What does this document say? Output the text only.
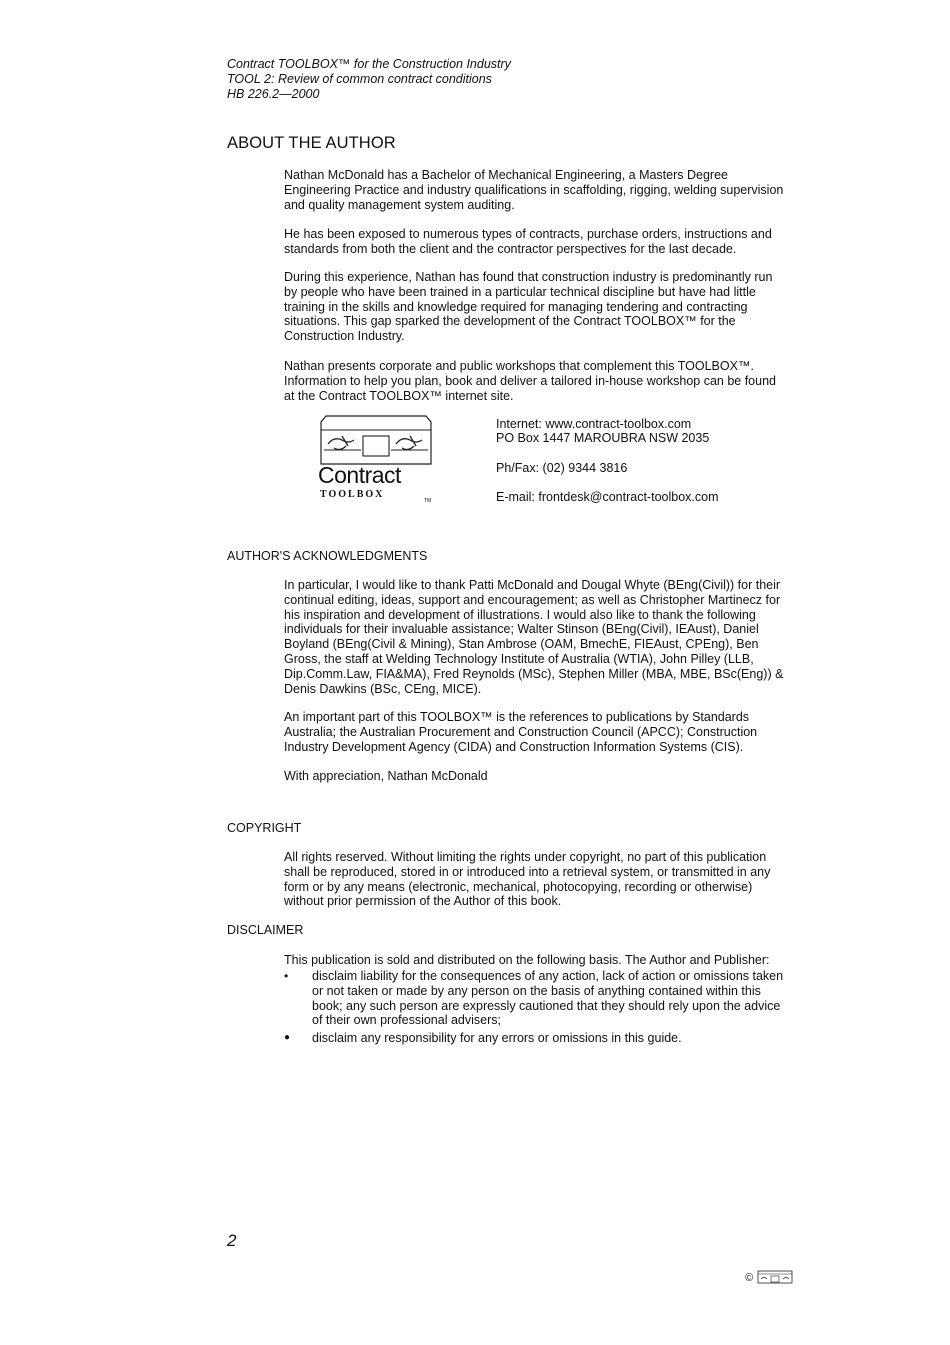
Contract TOOLBOX™ for the Construction Industry
TOOL 2: Review of common contract conditions
HB 226.2—2000
ABOUT THE AUTHOR
Nathan McDonald has a Bachelor of Mechanical Engineering, a Masters Degree Engineering Practice and industry qualifications in scaffolding, rigging, welding supervision and quality management system auditing.
He has been exposed to numerous types of contracts, purchase orders, instructions and standards from both the client and the contractor perspectives for the last decade.
During this experience, Nathan has found that construction industry is predominantly run by people who have been trained in a particular technical discipline but have had little training in the skills and knowledge required for managing tendering and contracting situations. This gap sparked the development of the Contract TOOLBOX™ for the Construction Industry.
Nathan presents corporate and public workshops that complement this TOOLBOX™. Information to help you plan, book and deliver a tailored in-house workshop can be found at the Contract TOOLBOX™ internet site.
Contract
TOOLBOX
TM
Internet: www.contract-toolbox.com
PO Box 1447 MAROUBRA NSW 2035
Ph/Fax: (02) 9344 3816
E-mail: frontdesk@contract-toolbox.com
AUTHOR'S ACKNOWLEDGMENTS
In particular, I would like to thank Patti McDonald and Dougal Whyte (BEng(Civil)) for their continual editing, ideas, support and encouragement; as well as Christopher Martinecz for his inspiration and development of illustrations. I would also like to thank the following individuals for their invaluable assistance; Walter Stinson (BEng(Civil), IEAust), Daniel Boyland (BEng(Civil & Mining), Stan Ambrose (OAM, BmechE, FIEAust, CPEng), Ben Gross, the staff at Welding Technology Institute of Australia (WTIA), John Pilley (LLB, Dip.Comm.Law, FIA&MA), Fred Reynolds (MSc), Stephen Miller (MBA, MBE, BSc(Eng)) & Denis Dawkins (BSc, CEng, MICE).
An important part of this TOOLBOX™ is the references to publications by Standards Australia; the Australian Procurement and Construction Council (APCC); Construction Industry Development Agency (CIDA) and Construction Information Systems (CIS).
With appreciation, Nathan McDonald
COPYRIGHT
All rights reserved. Without limiting the rights under copyright, no part of this publication shall be reproduced, stored in or introduced into a retrieval system, or transmitted in any form or by any means (electronic, mechanical, photocopying, recording or otherwise) without prior permission of the Author of this book.
DISCLAIMER
This publication is sold and distributed on the following basis. The Author and Publisher:
•	disclaim liability for the consequences of any action, lack of action or omissions taken or not taken or made by any person on the basis of anything contained within this book; any such person are expressly cautioned that they should rely upon the advice of their own professional advisers;
●	disclaim any responsibility for any errors or omissions in this guide.
2
©
